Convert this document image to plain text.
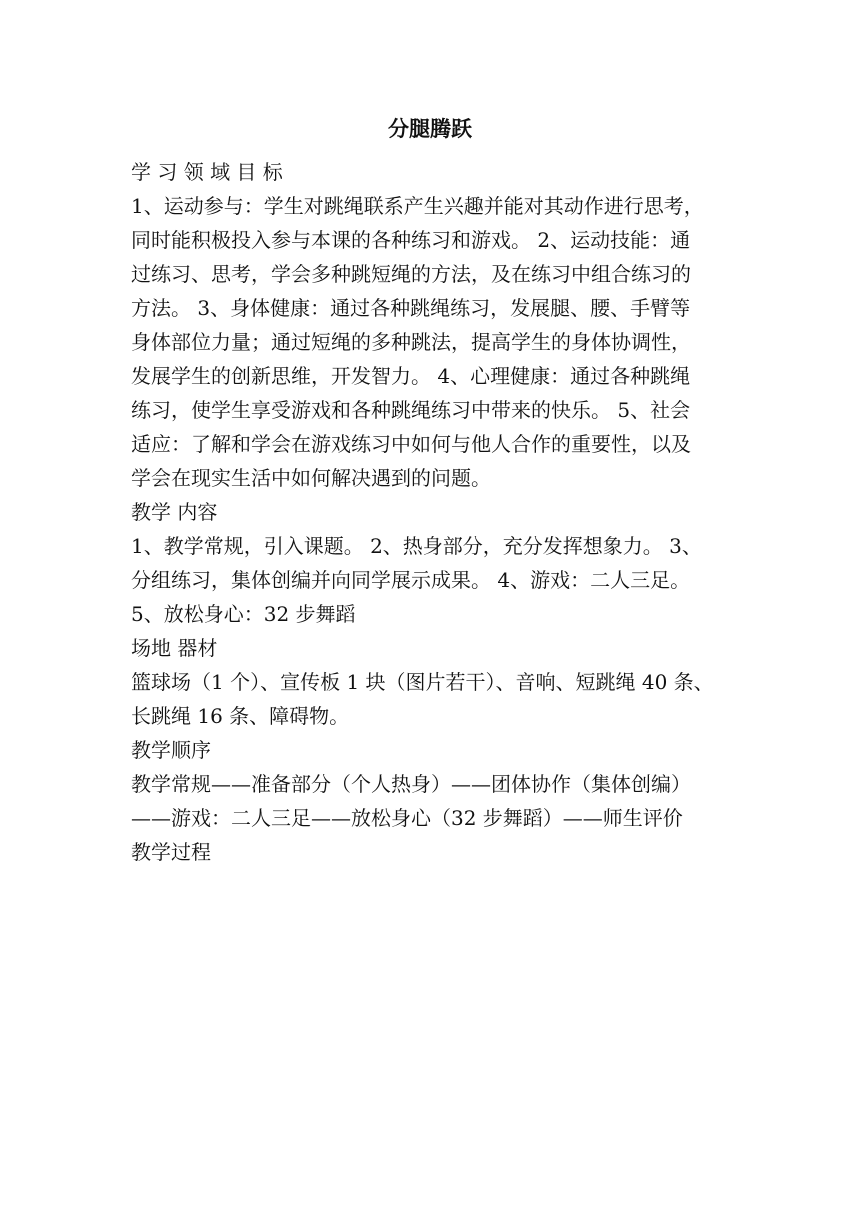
分腿腾跃

学 习 领 域 目 标

1、运动参与：学生对跳绳联系产生兴趣并能对其动作进行思考，
同时能积极投入参与本课的各种练习和游戏。 2、运动技能：通
过练习、思考，学会多种跳短绳的方法，及在练习中组合练习的
方法。 3、身体健康：通过各种跳绳练习，发展腿、腰、手臂等
身体部位力量；通过短绳的多种跳法，提高学生的身体协调性，
发展学生的创新思维，开发智力。 4、心理健康：通过各种跳绳
练习，使学生享受游戏和各种跳绳练习中带来的快乐。 5、社会
适应：了解和学会在游戏练习中如何与他人合作的重要性，以及
学会在现实生活中如何解决遇到的问题。

教学 内容

1、教学常规，引入课题。 2、热身部分，充分发挥想象力。 3、
分组练习，集体创编并向同学展示成果。 4、游戏：二人三足。
5、放松身心：32 步舞蹈

场地 器材

篮球场（1 个）、宣传板 1 块（图片若干）、音响、短跳绳 40 条、
长跳绳 16 条、障碍物。

教学顺序

教学常规——准备部分（个人热身）——团体协作（集体创编）
——游戏：二人三足——放松身心（32 步舞蹈）——师生评价

教学过程
